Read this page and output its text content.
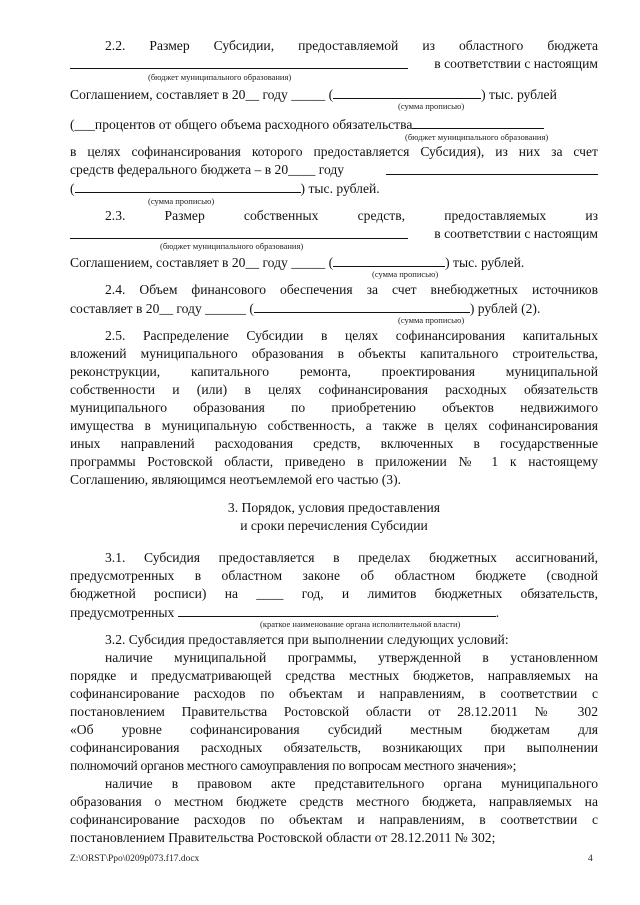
2.2. Размер Субсидии, предоставляемой из областного бюджета
в соответствии с настоящим
(бюджет муниципального образования)
Соглашением, составляет в 20__ году _____ (	) тыс. рублей
(сумма прописью)
(___процентов от общего объема расходного обязательства
(бюджет муниципального образования)
в целях софинансирования которого предоставляется Субсидия), из них за счет
средств федерального бюджета – в 20____ году
(	) тыс. рублей.
(сумма прописью)
2.3. Размер собственных средств, предоставляемых из
в соответствии с настоящим
(бюджет муниципального образования)
Соглашением, составляет в 20__ году _____ (	) тыс. рублей.
(сумма прописью)
2.4. Объем финансового обеспечения за счет внебюджетных источников
составляет в 20__ году ______ (	) рублей (2).
(сумма прописью)
2.5. Распределение Субсидии в целях софинансирования капитальных
вложений муниципального образования в объекты капитального строительства,
реконструкции, капитального ремонта, проектирования муниципальной
собственности и (или) в целях софинансирования расходных обязательств
муниципального образования по приобретению объектов недвижимого
имущества в муниципальную собственность, а также в целях софинансирования
иных направлений расходования средств, включенных в государственные
программы Ростовской области, приведено в приложении № 1 к настоящему
Соглашению, являющимся неотъемлемой его частью (3).
3. Порядок, условия предоставления
и сроки перечисления Субсидии
3.1. Субсидия предоставляется в пределах бюджетных ассигнований,
предусмотренных в областном законе об областном бюджете (сводной
бюджетной росписи) на ____ год, и лимитов бюджетных обязательств,
предусмотренных	.
(краткое наименование органа исполнительной власти)
3.2. Субсидия предоставляется при выполнении следующих условий:
наличие муниципальной программы, утвержденной в установленном
порядке и предусматривающей средства местных бюджетов, направляемых на
софинансирование расходов по объектам и направлениям, в соответствии с
постановлением Правительства Ростовской области от 28.12.2011 № 302
«Об уровне софинансирования субсидий местным бюджетам для
софинансирования расходных обязательств, возникающих при выполнении
полномочий органов местного самоуправления по вопросам местного значения»;
наличие в правовом акте представительного органа муниципального
образования о местном бюджете средств местного бюджета, направляемых на
софинансирование расходов по объектам и направлениям, в соответствии с
постановлением Правительства Ростовской области от 28.12.2011 № 302;
Z:\ORST\Ppo\0209p073.f17.docx	4
